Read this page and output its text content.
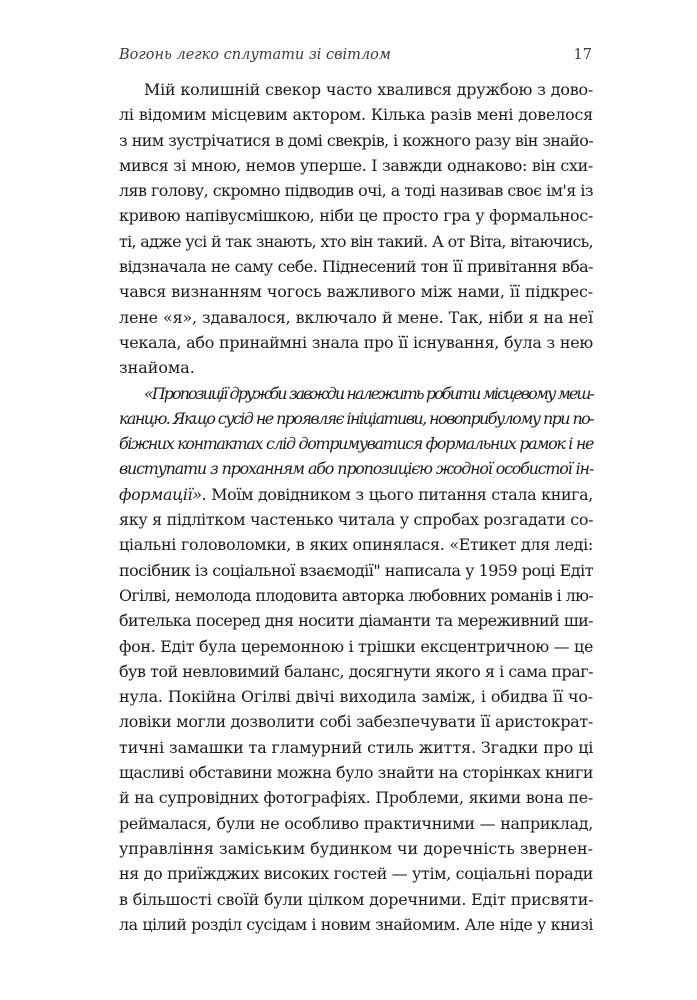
Вогонь легко сплутати зі світлом	17
Мій колишній свекор часто хвалився дружбою з дово-
лі відомим місцевим актором. Кілька разів мені довелося
з ним зустрічатися в домі свекрів, і кожного разу він знайо-
мився зі мною, немов уперше. І завжди однаково: він схи-
ляв голову, скромно підводив очі, а тоді називав своє ім'я із
кривою напівусмішкою, ніби це просто гра у формальнос-
ті, адже усі й так знають, хто він такий. А от Віта, вітаючись,
відзначала не саму себе. Піднесений тон її привітання вба-
чався визнанням чогось важливого між нами, її підкрес-
лене «я», здавалося, включало й мене. Так, ніби я на неї
чекала, або принаймні знала про її існування, була з нею
знайома.
«Пропозиції дружби завжди належить робити місцевому меш-
канцю. Якщо сусід не проявляє ініціативи, новоприбулому при по-
біжних контактах слід дотримуватися формальних рамок і не
виступати з проханням або пропозицією жодної особистої ін-
формації». Моїм довідником з цього питання стала книга,
яку я підлітком частенько читала у спробах розгадати со-
ціальні головоломки, в яких опинялася. «Етикет для леді:
посібник із соціальної взаємодії" написала у 1959 році Едіт
Огілві, немолода плодовита авторка любовних романів і лю-
бителька посеред дня носити діаманти та мереживний ши-
фон. Едіт була церемонною і трішки ексцентричною — це
був той невловимий баланс, досягнути якого я і сама праг-
нула. Покійна Огілві двічі виходила заміж, і обидва її чо-
ловіки могли дозволити собі забезпечувати її аристократ-
тичні замашки та гламурний стиль життя. Згадки про ці
щасливі обставини можна було знайти на сторінках книги
й на супровідних фотографіях. Проблеми, якими вона пе-
реймалася, були не особливо практичними — наприклад,
управління заміським будинком чи доречність звернен-
ня до приїжджих високих гостей — утім, соціальні поради
в більшості своїй були цілком доречними. Едіт присвяти-
ла цілий розділ сусідам і новим знайомим. Але ніде у книзі
